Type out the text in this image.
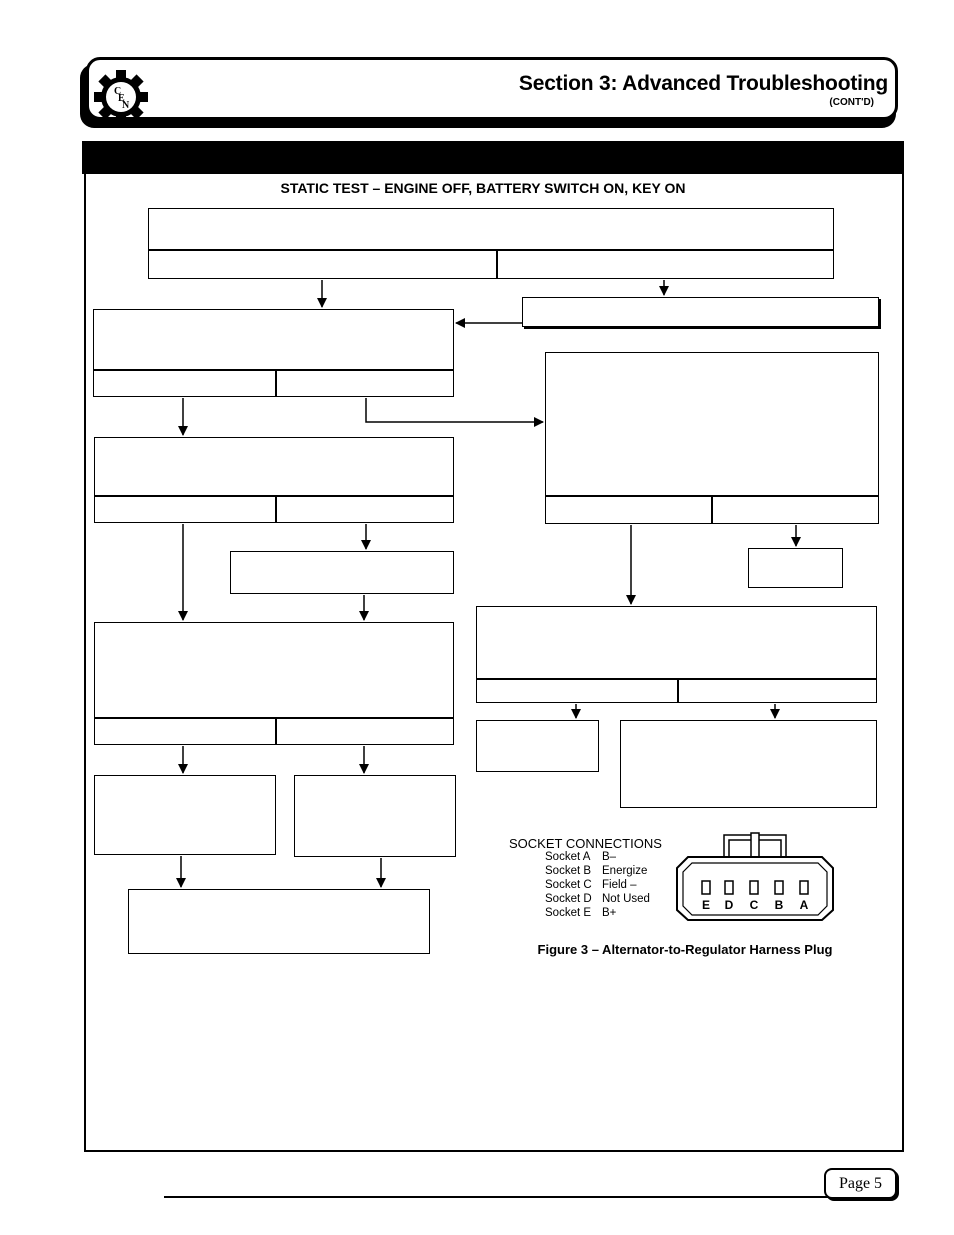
C
E
N
Section 3: Advanced Troubleshooting
(CONT'D)
STATIC TEST – ENGINE OFF, BATTERY SWITCH ON, KEY ON
SOCKET CONNECTIONS
Socket A B–
Socket B Energize
Socket C Field –
Socket D Not Used
Socket E B+
E D C B A
Figure 3 – Alternator-to-Regulator Harness Plug
Page 5
